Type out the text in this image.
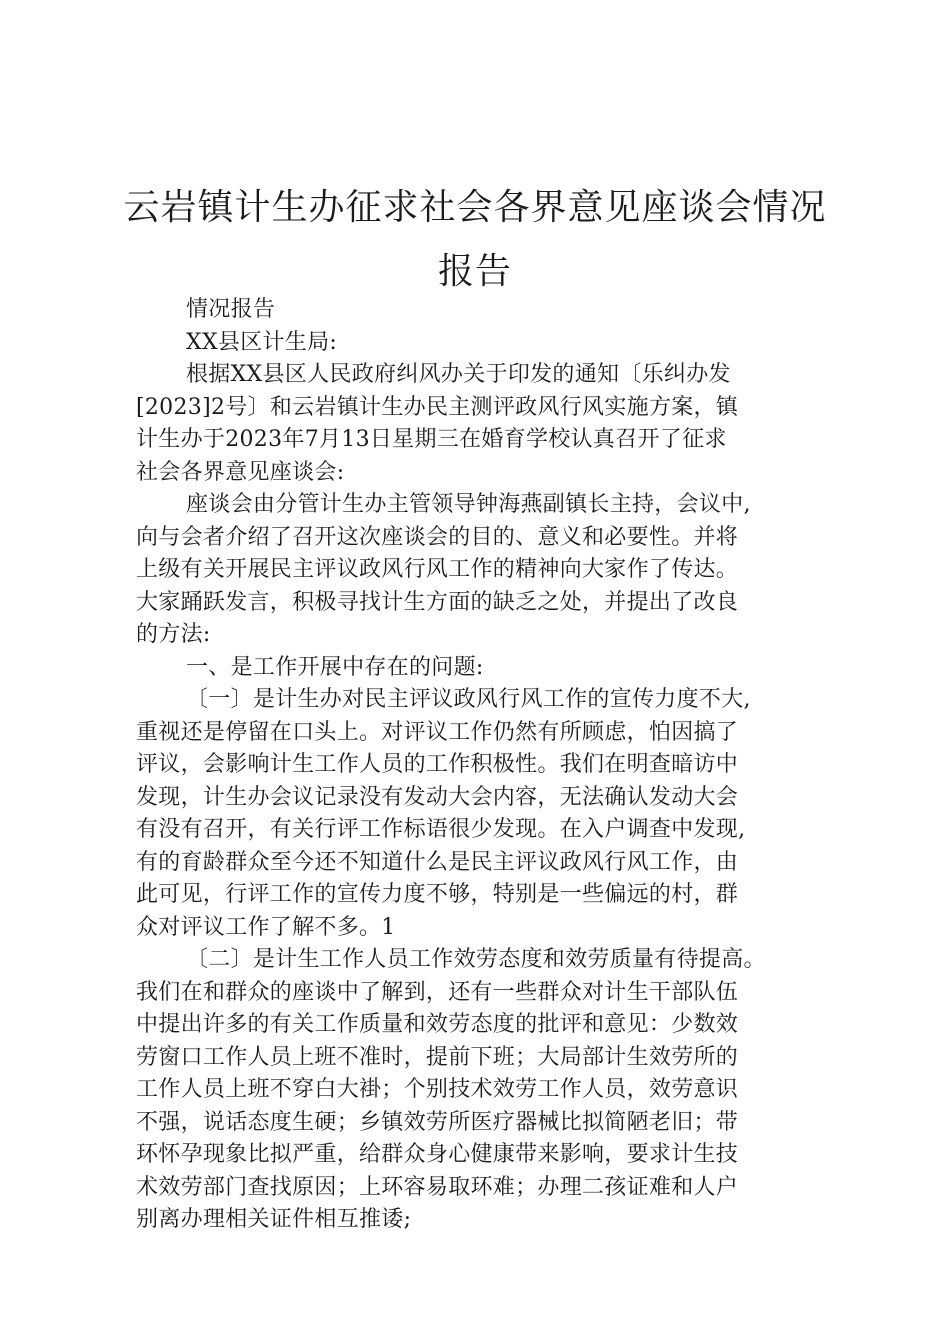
云岩镇计生办征求社会各界意见座谈会情况
报告
情况报告
XX县区计生局:
根据XX县区人民政府纠风办关于印发的通知〔乐纠办发
[2023]2号〕和云岩镇计生办民主测评政风行风实施方案，镇
计生办于2023年7月13日星期三在婚育学校认真召开了征求
社会各界意见座谈会:
座谈会由分管计生办主管领导钟海燕副镇长主持，会议中,
向与会者介绍了召开这次座谈会的目的、意义和必要性。并将
上级有关开展民主评议政风行风工作的精神向大家作了传达。
大家踊跃发言，积极寻找计生方面的缺乏之处，并提出了改良
的方法:
一、是工作开展中存在的问题:
〔一〕是计生办对民主评议政风行风工作的宣传力度不大,
重视还是停留在口头上。对评议工作仍然有所顾虑，怕因搞了
评议，会影响计生工作人员的工作积极性。我们在明查暗访中
发现，计生办会议记录没有发动大会内容，无法确认发动大会
有没有召开，有关行评工作标语很少发现。在入户调查中发现,
有的育龄群众至今还不知道什么是民主评议政风行风工作，由
此可见，行评工作的宣传力度不够，特别是一些偏远的村，群
众对评议工作了解不多。1
〔二〕是计生工作人员工作效劳态度和效劳质量有待提高。
我们在和群众的座谈中了解到，还有一些群众对计生干部队伍
中提出许多的有关工作质量和效劳态度的批评和意见：少数效
劳窗口工作人员上班不准时，提前下班；大局部计生效劳所的
工作人员上班不穿白大褂；个别技术效劳工作人员，效劳意识
不强，说话态度生硬；乡镇效劳所医疗器械比拟简陋老旧；带
环怀孕现象比拟严重，给群众身心健康带来影响，要求计生技
术效劳部门查找原因；上环容易取环难；办理二孩证难和人户
别离办理相关证件相互推诿;
